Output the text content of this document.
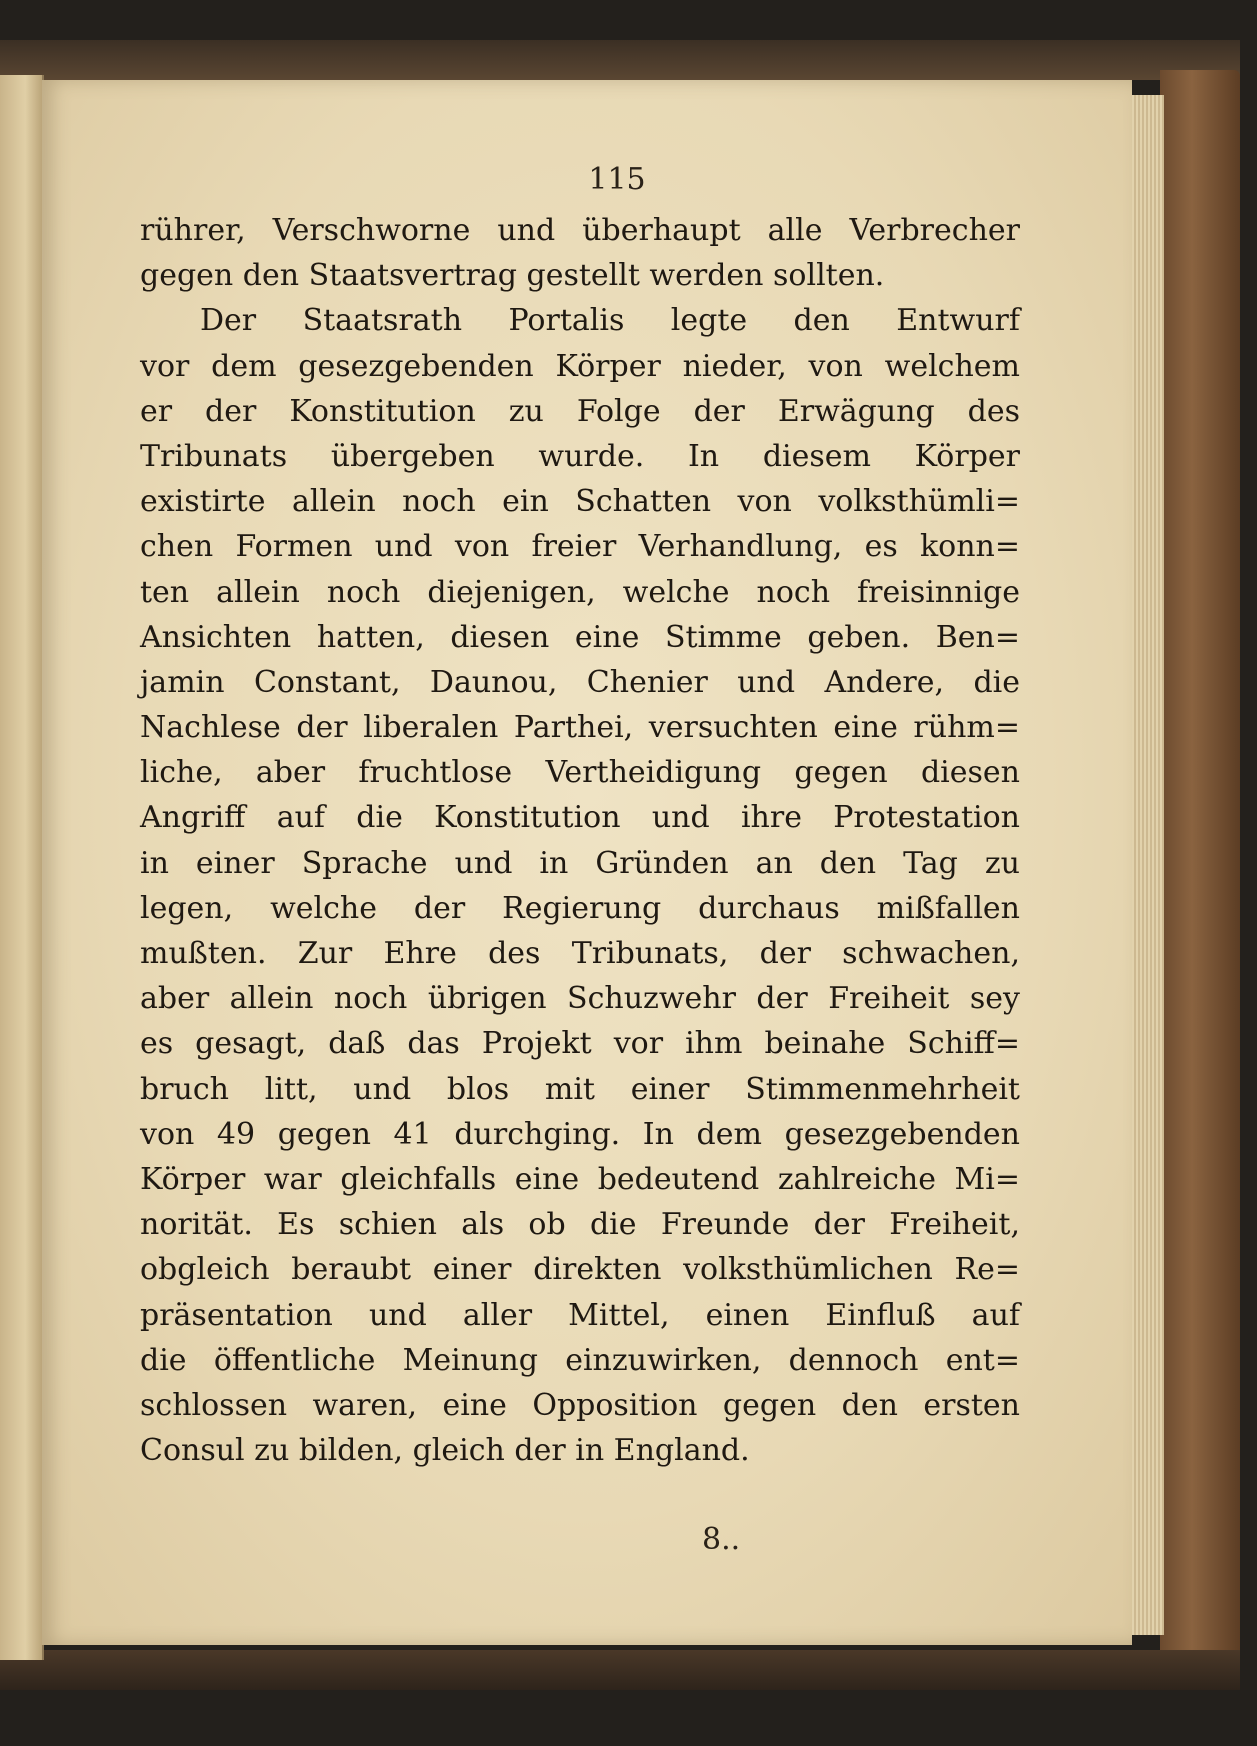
115
rührer, Verschworne und überhaupt alle Verbrecher
gegen den Staatsvertrag gestellt werden sollten.
Der Staatsrath Portalis legte den Entwurf
vor dem gesezgebenden Körper nieder, von welchem
er der Konstitution zu Folge der Erwägung des
Tribunats übergeben wurde. In diesem Körper
existirte allein noch ein Schatten von volksthümli=
chen Formen und von freier Verhandlung, es konn=
ten allein noch diejenigen, welche noch freisinnige
Ansichten hatten, diesen eine Stimme geben. Ben=
jamin Constant, Daunou, Chenier und Andere, die
Nachlese der liberalen Parthei, versuchten eine rühm=
liche, aber fruchtlose Vertheidigung gegen diesen
Angriff auf die Konstitution und ihre Protestation
in einer Sprache und in Gründen an den Tag zu
legen, welche der Regierung durchaus mißfallen
mußten. Zur Ehre des Tribunats, der schwachen,
aber allein noch übrigen Schuzwehr der Freiheit sey
es gesagt, daß das Projekt vor ihm beinahe Schiff=
bruch litt, und blos mit einer Stimmenmehrheit
von 49 gegen 41 durchging. In dem gesezgebenden
Körper war gleichfalls eine bedeutend zahlreiche Mi=
norität. Es schien als ob die Freunde der Freiheit,
obgleich beraubt einer direkten volksthümlichen Re=
präsentation und aller Mittel, einen Einfluß auf
die öffentliche Meinung einzuwirken, dennoch ent=
schlossen waren, eine Opposition gegen den ersten
Consul zu bilden, gleich der in England.
8..
